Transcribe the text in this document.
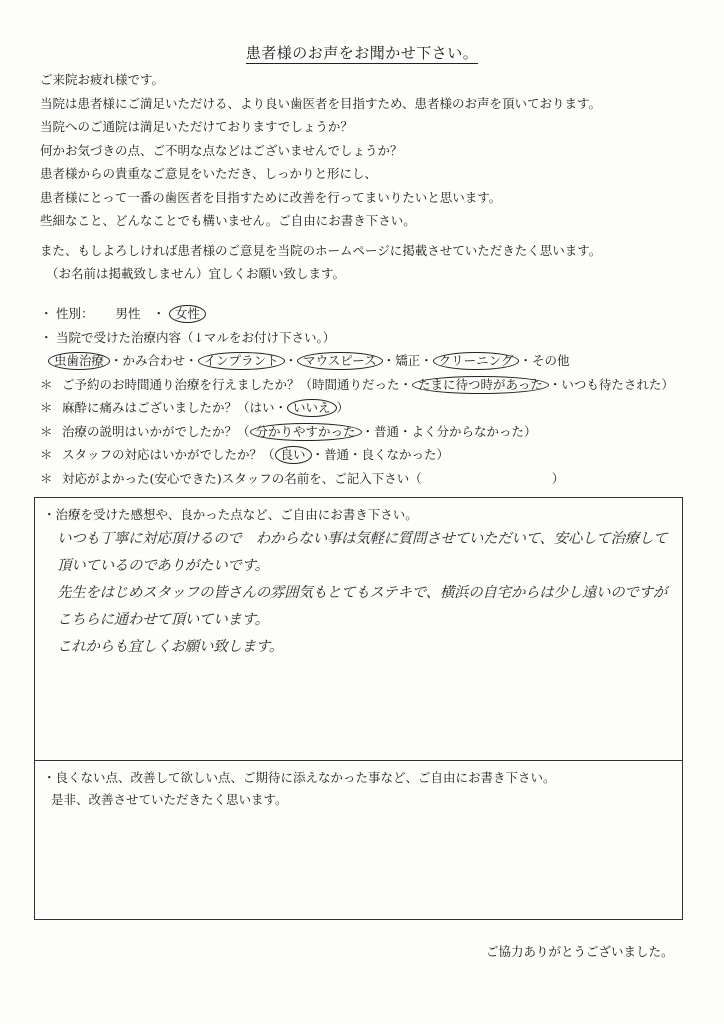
患者様のお声をお聞かせ下さい。
ご来院お疲れ様です。
当院は患者様にご満足いただける、より良い歯医者を目指すため、患者様のお声を頂いております。
当院へのご通院は満足いただけておりますでしょうか？
何かお気づきの点、ご不明な点などはございませんでしょうか？
患者様からの貴重なご意見をいただき、しっかりと形にし、
患者様にとって一番の歯医者を目指すために改善を行ってまいりたいと思います。
些細なこと、どんなことでも構いません。ご自由にお書き下さい。
また、もしよろしければ患者様のご意見を当院のホームページに掲載させていただきたく思います。
（お名前は掲載致しません）宜しくお願い致します。
・ 性別： 男性 ・ 女性
・ 当院で受けた治療内容（↓マルをお付け下さい。）
虫歯治療 ・かみ合わせ・ インプラント ・ マウスピース ・矯正・ クリーニング ・その他
＊ ご予約のお時間通り治療を行えましたか？（時間通りだった・ たまに待つ時があった ・いつも待たされた）
＊ 麻酔に痛みはございましたか？（はい・ いいえ ）
＊ 治療の説明はいかがでしたか？（ 分かりやすかった ・普通・よく分からなかった）
＊ スタッフの対応はいかがでしたか？（ 良い ・普通・良くなかった）
＊ 対応がよかった(安心できた)スタッフの名前を、ご記入下さい（	）
・治療を受けた感想や、良かった点など、ご自由にお書き下さい。
いつも丁寧に対応頂けるので　わからない事は気軽に質問させていただいて、安心して治療して
頂いているのでありがたいです。
先生をはじめスタッフの皆さんの雰囲気もとてもステキで、横浜の自宅からは少し遠いのですが
こちらに通わせて頂いています。
これからも宜しくお願い致します。
・良くない点、改善して欲しい点、ご期待に添えなかった事など、ご自由にお書き下さい。
是非、改善させていただきたく思います。
ご協力ありがとうございました。
